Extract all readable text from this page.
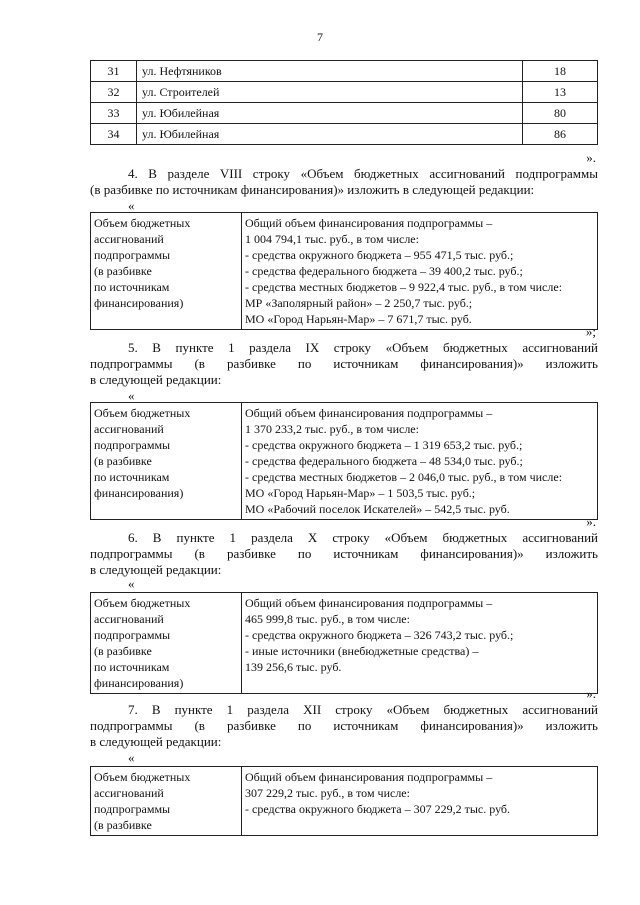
7
31	ул. Нефтяников	18
32	ул. Строителей	13
33	ул. Юбилейная	80
34	ул. Юбилейная	86
».
4. В разделе VIII строку «Объем бюджетных ассигнований подпрограммы
(в разбивке по источникам финансирования)» изложить в следующей редакции:
«
Объем бюджетных
ассигнований
подпрограммы
(в разбивке
по источникам
финансирования)

Общий объем финансирования подпрограммы –
1 004 794,1 тыс. руб., в том числе:
- средства окружного бюджета – 955 471,5 тыс. руб.;
- средства федерального бюджета – 39 400,2 тыс. руб.;
- средства местных бюджетов – 9 922,4 тыс. руб., в том числе:
МР «Заполярный район» – 2 250,7 тыс. руб.;
МО «Город Нарьян-Мар» – 7 671,7 тыс. руб.
»;
5. В пункте 1 раздела IX строку «Объем бюджетных ассигнований
подпрограммы (в разбивке по источникам финансирования)» изложить
в следующей редакции:
«
Объем бюджетных
ассигнований
подпрограммы
(в разбивке
по источникам
финансирования)

Общий объем финансирования подпрограммы –
1 370 233,2 тыс. руб., в том числе:
- средства окружного бюджета – 1 319 653,2 тыс. руб.;
- средства федерального бюджета – 48 534,0 тыс. руб.;
- средства местных бюджетов – 2 046,0 тыс. руб., в том числе:
МО «Город Нарьян-Мар» – 1 503,5 тыс. руб.;
МО «Рабочий поселок Искателей» – 542,5 тыс. руб.
».
6. В пункте 1 раздела X строку «Объем бюджетных ассигнований
подпрограммы (в разбивке по источникам финансирования)» изложить
в следующей редакции:
«
Объем бюджетных
ассигнований
подпрограммы
(в разбивке
по источникам
финансирования)

Общий объем финансирования подпрограммы –
465 999,8 тыс. руб., в том числе:
- средства окружного бюджета – 326 743,2 тыс. руб.;
- иные источники (внебюджетные средства) –
139 256,6 тыс. руб.
».
7. В пункте 1 раздела XII строку «Объем бюджетных ассигнований
подпрограммы (в разбивке по источникам финансирования)» изложить
в следующей редакции:
«
Объем бюджетных
ассигнований
подпрограммы
(в разбивке

Общий объем финансирования подпрограммы –
307 229,2 тыс. руб., в том числе:
- средства окружного бюджета – 307 229,2 тыс. руб.
